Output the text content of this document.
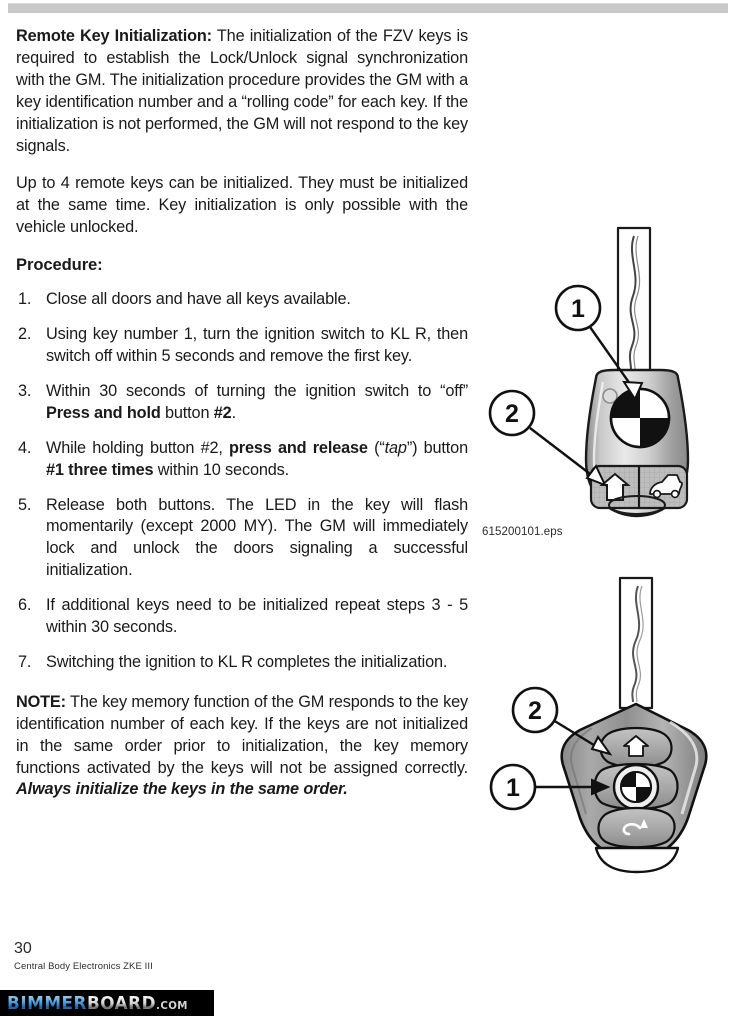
Remote Key Initialization: The initialization of the FZV keys is required to establish the Lock/Unlock signal synchronization with the GM. The initialization procedure provides the GM with a key identification number and a “rolling code” for each key. If the initialization is not performed, the GM will not respond to the key signals.

Up to 4 remote keys can be initialized. They must be initialized at the same time. Key initialization is only possible with the vehicle unlocked.

Procedure:
1. Close all doors and have all keys available.
2. Using key number 1, turn the ignition switch to KL R, then switch off within 5 seconds and remove the first key.
3. Within 30 seconds of turning the ignition switch to “off” Press and hold button #2.
4. While holding button #2, press and release (“tap”) button #1 three times within 10 seconds.
5. Release both buttons. The LED in the key will flash momentarily (except 2000 MY). The GM will immediately lock and unlock the doors signaling a successful initialization.
6. If additional keys need to be initialized repeat steps 3 - 5 within 30 seconds.
7. Switching the ignition to KL R completes the initialization.

NOTE: The key memory function of the GM responds to the key identification number of each key. If the keys are not initialized in the same order prior to initialization, the key memory functions activated by the keys will not be assigned correctly. Always initialize the keys in the same order.

1
2
615200101.eps
2
1
30
Central Body Electronics ZKE III
BIMMERBOARD.COM
